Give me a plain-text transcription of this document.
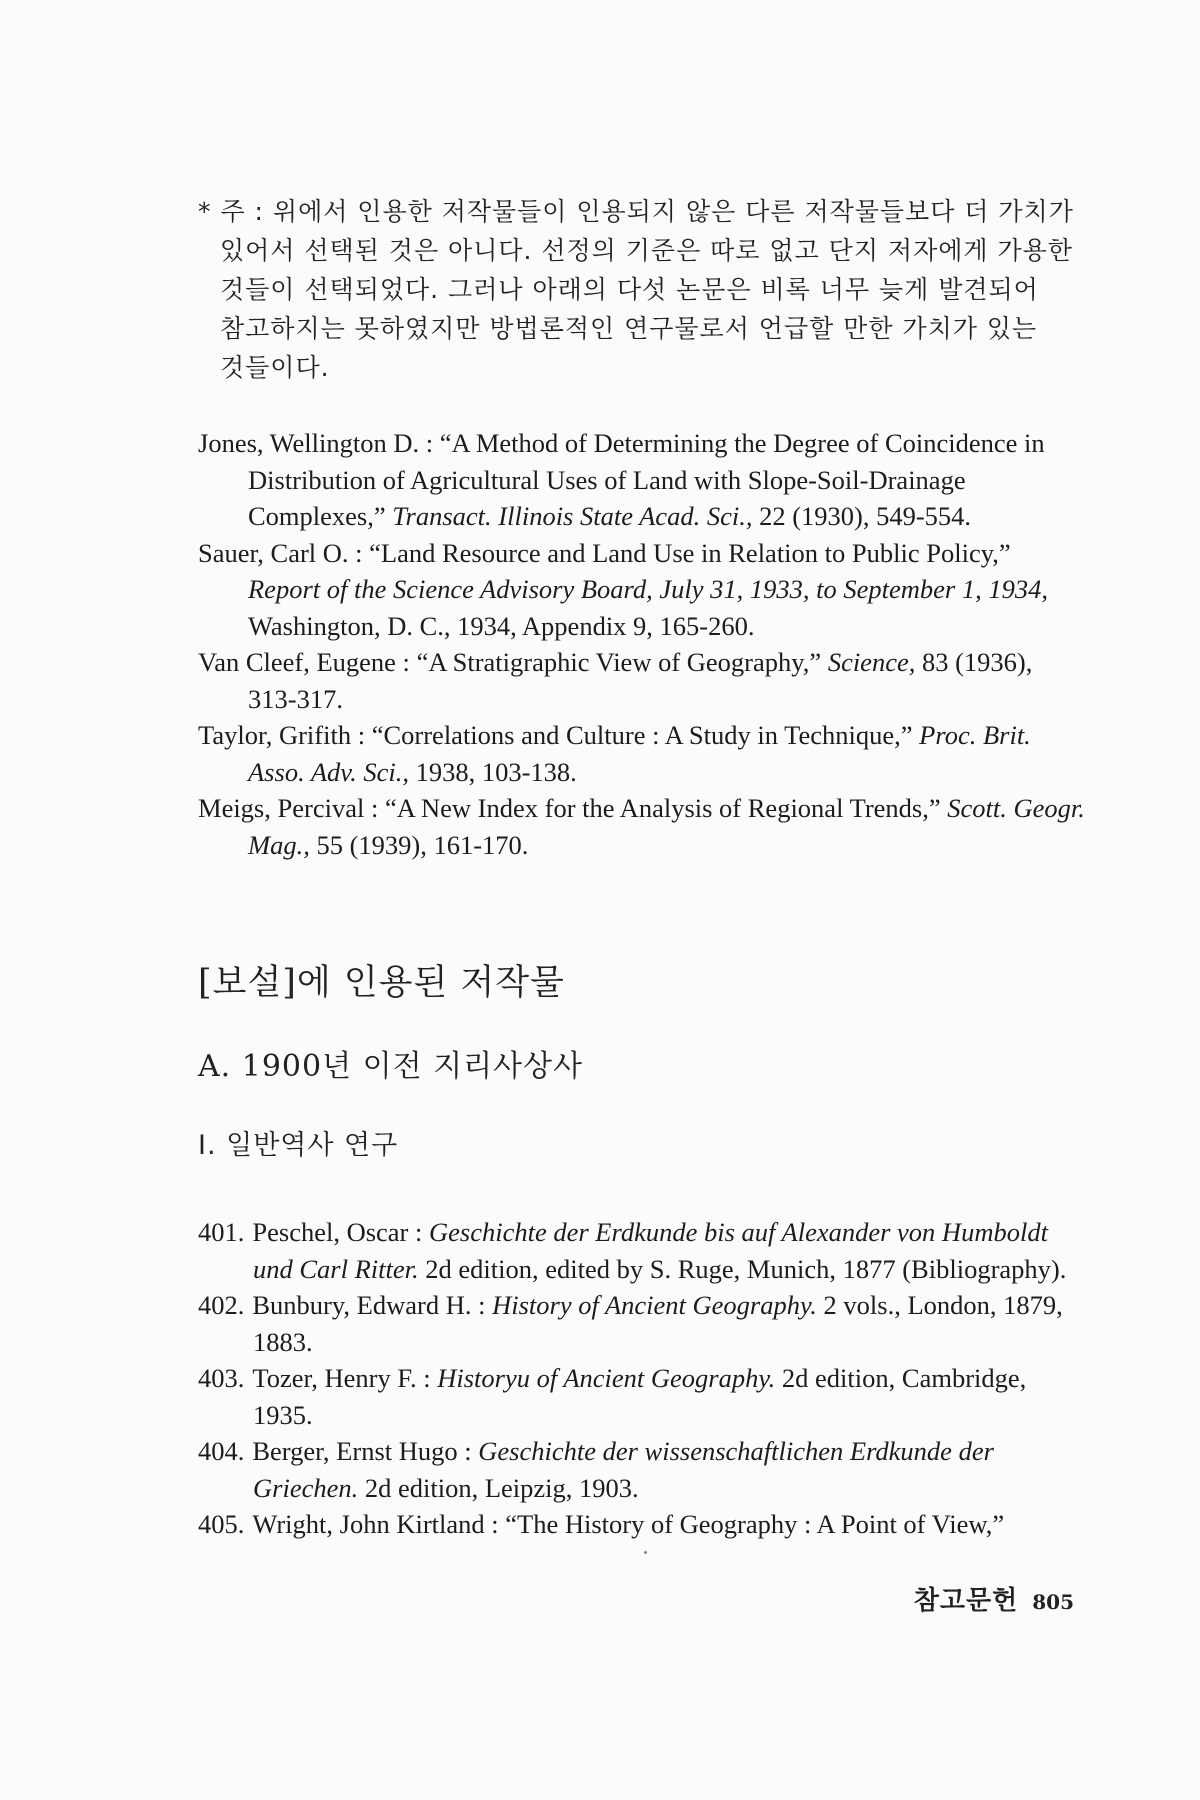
* 주 : 위에서 인용한 저작물들이 인용되지 않은 다른 저작물들보다 더 가치가 있어서 선택된 것은 아니다. 선정의 기준은 따로 없고 단지 저자에게 가용한 것들이 선택되었다. 그러나 아래의 다섯 논문은 비록 너무 늦게 발견되어 참고하지는 못하였지만 방법론적인 연구물로서 언급할 만한 가치가 있는 것들이다.
Jones, Wellington D. : “A Method of Determining the Degree of Coincidence in Distribution of Agricultural Uses of Land with Slope-Soil-Drainage Complexes,” Transact. Illinois State Acad. Sci., 22 (1930), 549-554.
Sauer, Carl O. : “Land Resource and Land Use in Relation to Public Policy,” Report of the Science Advisory Board, July 31, 1933, to September 1, 1934, Washington, D. C., 1934, Appendix 9, 165-260.
Van Cleef, Eugene : “A Stratigraphic View of Geography,” Science, 83 (1936), 313-317.
Taylor, Grifith : “Correlations and Culture : A Study in Technique,” Proc. Brit. Asso. Adv. Sci., 1938, 103-138.
Meigs, Percival : “A New Index for the Analysis of Regional Trends,” Scott. Geogr. Mag., 55 (1939), 161-170.
[보설]에 인용된 저작물
A. 1900년 이전 지리사상사
I. 일반역사 연구
401. Peschel, Oscar : Geschichte der Erdkunde bis auf Alexander von Humboldt und Carl Ritter. 2d edition, edited by S. Ruge, Munich, 1877 (Bibliography).
402. Bunbury, Edward H. : History of Ancient Geography. 2 vols., London, 1879, 1883.
403. Tozer, Henry F. : Historyu of Ancient Geography. 2d edition, Cambridge, 1935.
404. Berger, Ernst Hugo : Geschichte der wissenschaftlichen Erdkunde der Griechen. 2d edition, Leipzig, 1903.
405. Wright, John Kirtland : “The History of Geography : A Point of View,”
참고문헌 805
